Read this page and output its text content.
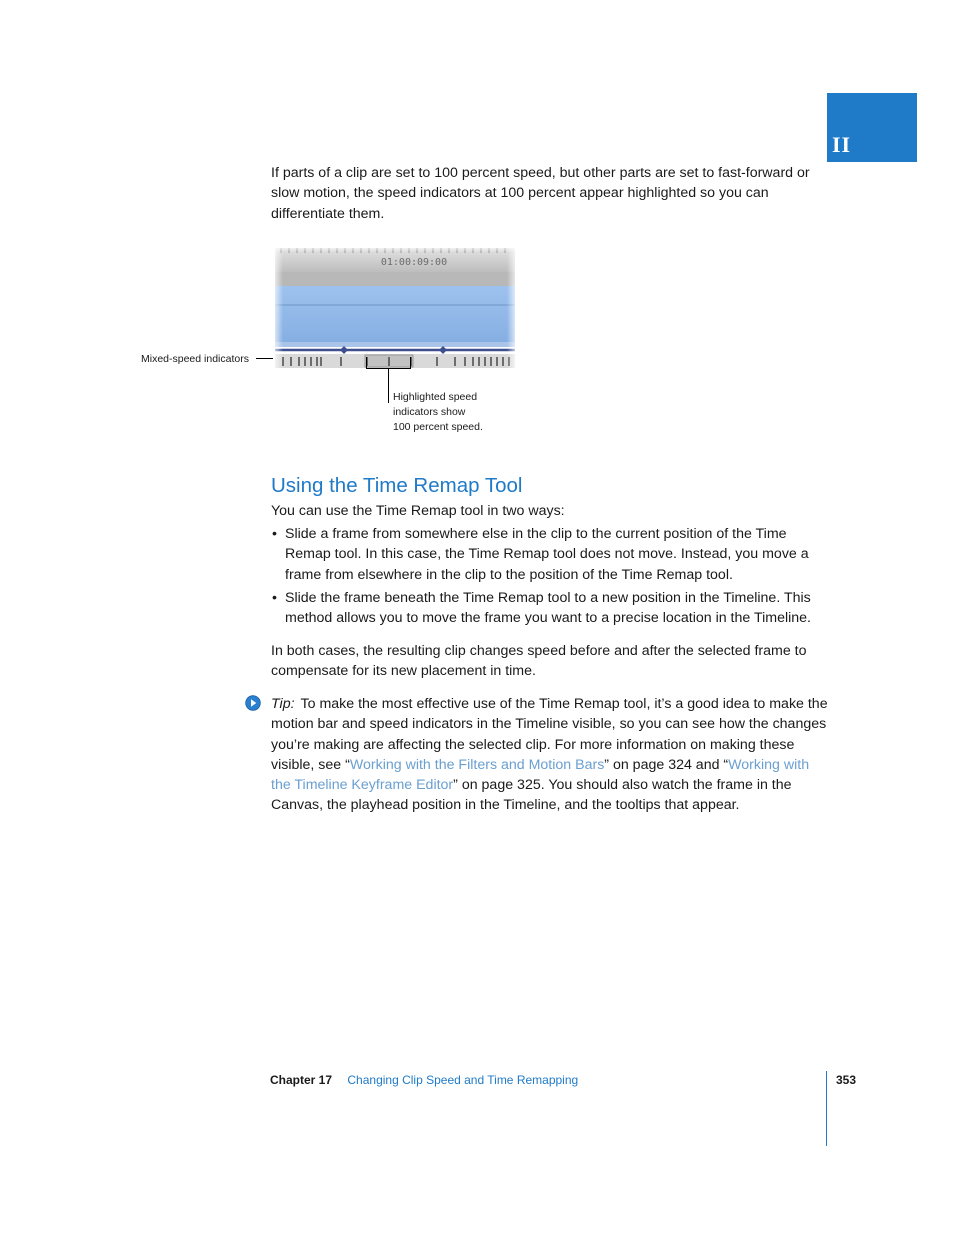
II

If parts of a clip are set to 100 percent speed, but other parts are set to fast-forward or slow motion, the speed indicators at 100 percent appear highlighted so you can differentiate them.

01:00:09:00
Mixed-speed indicators
Highlighted speed
indicators show
100 percent speed.
Using the Time Remap Tool

You can use the Time Remap tool in two ways:

• Slide a frame from somewhere else in the clip to the current position of the Time Remap tool. In this case, the Time Remap tool does not move. Instead, you move a frame from elsewhere in the clip to the position of the Time Remap tool.
• Slide the frame beneath the Time Remap tool to a new position in the Timeline. This method allows you to move the frame you want to a precise location in the Timeline.

In both cases, the resulting clip changes speed before and after the selected frame to compensate for its new placement in time.

Tip: To make the most effective use of the Time Remap tool, it’s a good idea to make the motion bar and speed indicators in the Timeline visible, so you can see how the changes you’re making are affecting the selected clip. For more information on making these visible, see “Working with the Filters and Motion Bars” on page 324 and “Working with the Timeline Keyframe Editor” on page 325. You should also watch the frame in the Canvas, the playhead position in the Timeline, and the tooltips that appear.

Chapter 17 Changing Clip Speed and Time Remapping	353
